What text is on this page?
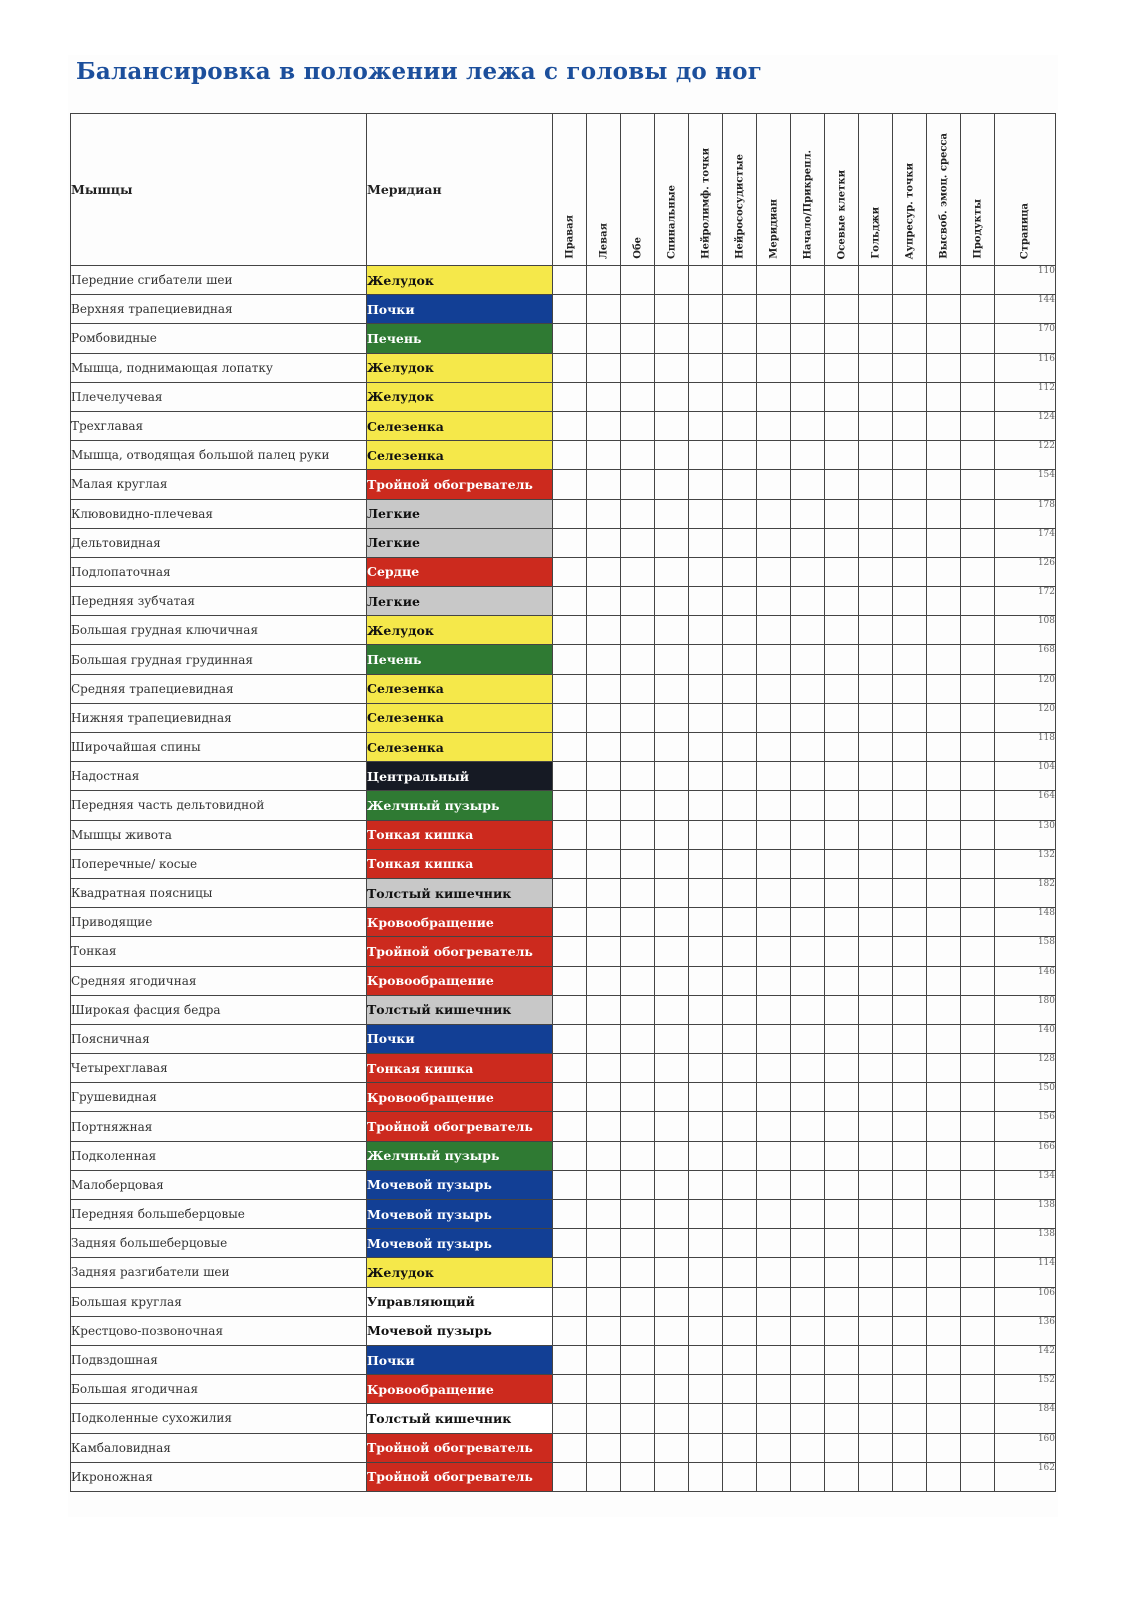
Балансировка в положении лежа с головы до ног
Мышцы	Меридиан	Правая	Левая	Обе	Спинальные	Нейролимф. точки	Нейрососудистые	Меридиан	Начало/Прикрепл.	Осевые клетки	Гольджи	Аупресур. точки	Высвоб. эмоц. сресса	Продукты	Страница

Передние сгибатели шеи	Желудок														110
Верхняя трапециевидная	Почки														144
Ромбовидные	Печень														170
Мышца, поднимающая лопатку	Желудок														116
Плечелучевая	Желудок														112
Трехглавая	Селезенка														124
Мышца, отводящая большой палец руки	Селезенка														122
Малая круглая	Тройной обогреватель														154
Клювовидно-плечевая	Легкие														178
Дельтовидная	Легкие														174
Подлопаточная	Сердце														126
Передняя зубчатая	Легкие														172
Большая грудная ключичная	Желудок														108
Большая грудная грудинная	Печень														168
Средняя трапециевидная	Селезенка														120
Нижняя трапециевидная	Селезенка														120
Широчайшая спины	Селезенка														118
Надостная	Центральный														104
Передняя часть дельтовидной	Желчный пузырь														164
Мышцы живота	Тонкая кишка														130
Поперечные/ косые	Тонкая кишка														132
Квадратная поясницы	Толстый кишечник														182
Приводящие	Кровообращение														148
Тонкая	Тройной обогреватель														158
Средняя ягодичная	Кровообращение														146
Широкая фасция бедра	Толстый кишечник														180
Поясничная	Почки														140
Четырехглавая	Тонкая кишка														128
Грушевидная	Кровообращение														150
Портняжная	Тройной обогреватель														156
Подколенная	Желчный пузырь														166
Малоберцовая	Мочевой пузырь														134
Передняя большеберцовые	Мочевой пузырь														138
Задняя большеберцовые	Мочевой пузырь														138
Задняя разгибатели шеи	Желудок														114
Большая круглая	Управляющий														106
Крестцово-позвоночная	Мочевой пузырь														136
Подвздошная	Почки														142
Большая ягодичная	Кровообращение														152
Подколенные сухожилия	Толстый кишечник														184
Камбаловидная	Тройной обогреватель														160
Икроножная	Тройной обогреватель														162
